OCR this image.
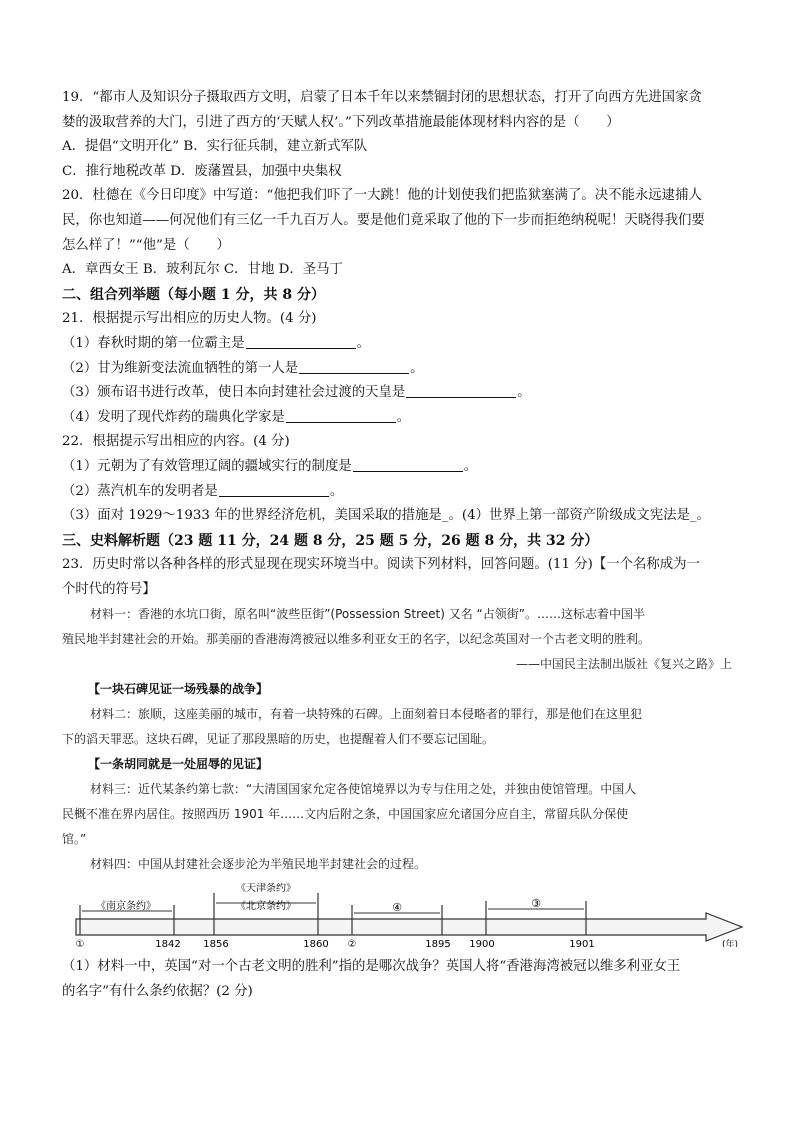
19．“都市人及知识分子摄取西方文明，启蒙了日本千年以来禁锢封闭的思想状态，打开了向西方先进国家贪
婪的汲取营养的大门，引进了西方的‘天赋人权’。”下列改革措施最能体现材料内容的是（　　）
A．提倡“文明开化” B．实行征兵制，建立新式军队
C．推行地税改革 D．废藩置县，加强中央集权
20．杜德在《今日印度》中写道：“他把我们吓了一大跳！他的计划使我们把监狱塞满了。决不能永远逮捕人
民，你也知道——何况他们有三亿一千九百万人。要是他们竟采取了他的下一步而拒绝纳税呢！天晓得我们要
怎么样了！”“他”是（　　）
A．章西女王 B．玻利瓦尔 C．甘地 D．圣马丁
二、组合列举题（每小题 1 分，共 8 分）
21．根据提示写出相应的历史人物。(4 分)
（1）春秋时期的第一位霸主是	。
（2）甘为维新变法流血牺牲的第一人是	。
（3）颁布诏书进行改革，使日本向封建社会过渡的天皇是	。
（4）发明了现代炸药的瑞典化学家是	。
22．根据提示写出相应的内容。(4 分)
（1）元朝为了有效管理辽阔的疆域实行的制度是	。
（2）蒸汽机车的发明者是	。
（3）面对 1929～1933 年的世界经济危机，美国采取的措施是_。(4）世界上第一部资产阶级成文宪法是_。
三、史料解析题（23 题 11 分，24 题 8 分，25 题 5 分，26 题 8 分，共 32 分）
23．历史时常以各种各样的形式显现在现实环境当中。阅读下列材料，回答问题。(11 分)【一个名称成为一
个时代的符号】
材料一：香港的水坑口街，原名叫“波些臣街”(Possession Street) 又名 “占领街”。……这标志着中国半
殖民地半封建社会的开始。那美丽的香港海湾被冠以维多利亚女王的名字，以纪念英国对一个古老文明的胜利。
——中国民主法制出版社《复兴之路》上
【一块石碑见证一场残暴的战争】
材料二：旅顺，这座美丽的城市，有着一块特殊的石碑。上面刻着日本侵略者的罪行，那是他们在这里犯
下的滔天罪恶。这块石碑，见证了那段黑暗的历史，也提醒着人们不要忘记国耻。
【一条胡同就是一处屈辱的见证】
材料三：近代某条约第七款：“大清国国家允定各使馆境界以为专与住用之处，并独由使馆管理。中国人
民概不准在界内居住。按照西历 1901 年……文内后附之条，中国国家应允诸国分应自主，常留兵队分保使
馆。”
材料四：中国从封建社会逐步沦为半殖民地半封建社会的过程。
《南京条约》
《天津条约》
《北京条约》	④	③
①	1842 1856	1860 ②	1895 1900	1901	(年)
（1）材料一中，英国“对一个古老文明的胜利”指的是哪次战争？英国人将“香港海湾被冠以维多利亚女王
的名字”有什么条约依据？(2 分)
